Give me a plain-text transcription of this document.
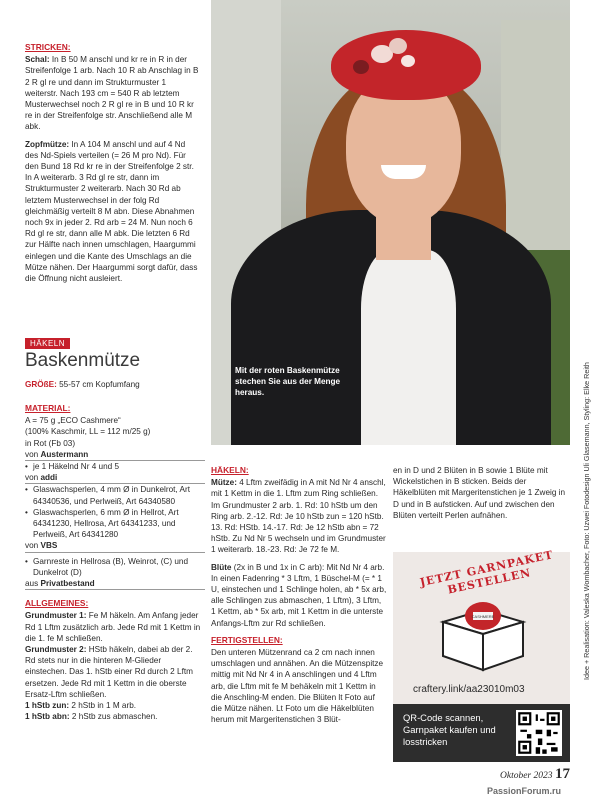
STRICKEN:

Schal: In B 50 M anschl und kr re in R in der Streifenfolge 1 arb. Nach 10 R ab Anschlag in B 2 R gl re und dann im Strukturmuster 1 weiterstr. Nach 193 cm = 540 R ab letztem Musterwechsel noch 2 R gl re in B und 10 R kr re in der Streifenfolge str. Anschließend alle M abk.

Zopfmütze: In A 104 M anschl und auf 4 Nd des Nd-Spiels verteilen (= 26 M pro Nd). Für den Bund 18 Rd kr re in der Streifenfolge 2 str. In A weiterarb. 3 Rd gl re str, dann im Strukturmuster 2 weiterarb. Nach 30 Rd ab letztem Musterwechsel in der folg Rd gleichmäßig verteilt 8 M abn. Diese Abnahmen noch 9x in jeder 2. Rd arb = 24 M. Nun noch 6 Rd gl re str, dann alle M abk. Die letzten 6 Rd zur Hälfte nach innen umschlagen, Haargummi einlegen und die Kante des Umschlags an die Mütze nähen. Der Haargummi sorgt dafür, dass die Öffnung nicht ausleiert.

HÄKELN
Baskenmütze
GRÖßE: 55-57 cm Kopfumfang
MATERIAL:
A = 75 g „ECO Cashmere“
(100% Kaschmir, LL = 112 m/25 g)
in Rot (Fb 03)
von Austermann
• je 1 Häkelnd Nr 4 und 5
von addi
• Glaswachsperlen, 4 mm Ø in Dunkelrot, Art 64340536, und Perlweiß, Art 64340580
• Glaswachsperlen, 6 mm Ø in Hellrot, Art 64341230, Hellrosa, Art 64341233, und Perlweiß, Art 64341280
von VBS
• Garnreste in Hellrosa (B), Weinrot, (C) und Dunkelrot (D)
aus Privatbestand
ALLGEMEINES:
Grundmuster 1: Fe M häkeln. Am Anfang jeder Rd 1 Lftm zusätzlich arb. Jede Rd mit 1 Kettm in die 1. fe M schließen.
Grundmuster 2: HStb häkeln, dabei ab der 2. Rd stets nur in die hinteren M-Glieder einstechen. Das 1. hStb einer Rd durch 2 Lftm ersetzen. Jede Rd mit 1 Kettm in die oberste Ersatz-Lftm schließen.
1 hStb zun: 2 hStb in 1 M arb.
1 hStb abn: 2 hStb zus abmaschen.
Mit der roten Baskenmütze stechen Sie aus der Menge heraus.	Idee + Realisation: Valeska Wombacher, Foto: Uzwei Fotodesign Uli Glasemann, Styling: Elke Reith
HÄKELN:

Mütze: 4 Lftm zweifädig in A mit Nd Nr 4 anschl, mit 1 Kettm in die 1. Lftm zum Ring schließen. Im Grundmuster 2 arb. 1. Rd: 10 hStb um den Ring arb. 2.-12. Rd: Je 10 hStb zun = 120 hStb. 13. Rd: HStb. 14.-17. Rd: Je 12 hStb abn = 72 hStb. Zu Nd Nr 5 wechseln und im Grundmuster 1 weiterarb. 18.-23. Rd: Je 72 fe M.

Blüte (2x in B und 1x in C arb): Mit Nd Nr 4 arb. In einen Fadenring * 3 Lftm, 1 Büschel-M (= * 1 U, einstechen und 1 Schlinge holen, ab * 5x arb, alle Schlingen zus abmaschen, 1 Lftm), 3 Lftm, 1 Kettm, ab * 5x arb, mit 1 Kettm in die unterste Anfangs-Lftm zur Rd schließen.

FERTIGSTELLEN:
Den unteren Mützenrand ca 2 cm nach innen umschlagen und annähen. An die Mützenspitze mittig mit Nd Nr 4 in A anschlingen und 4 Lftm arb, die Lftm mit fe M behäkeln mit 1 Kettm in die Anschling-M enden. Die Blüten lt Foto auf die Mütze nähen. Lt Foto um die Häkelblüten herum mit Margeritenstichen 3 Blüt-
en in D und 2 Blüten in B sowie 1 Blüte mit Wickelstichen in B sticken. Beids der Häkelblüten mit Margeritenstichen je 1 Zweig in D und in B aufsticken. Auf und zwischen den Blüten verteilt Perlen aufnähen.
JETZT GARNPAKET BESTELLEN
CASHMERE
craftery.link/aa23010m03
QR-Code scannen, Garnpaket kaufen und losstricken
Oktober 2023 17
PassionForum.ru
